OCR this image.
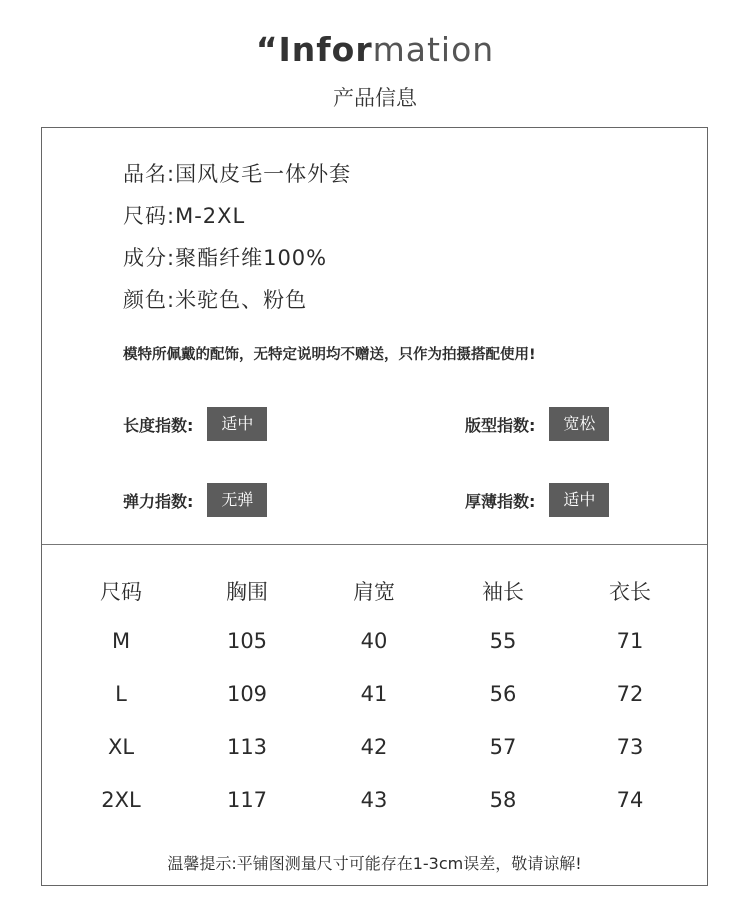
“Information
产品信息
品名:国风皮毛一体外套
尺码:M-2XL
成分:聚酯纤维100%
颜色:米驼色、粉色
模特所佩戴的配饰，无特定说明均不赠送，只作为拍摄搭配使用!
长度指数:	适中	版型指数:	宽松
弹力指数:	无弹	厚薄指数:	适中
尺码	胸围	肩宽	袖长	衣长
M	105	40	55	71
L	109	41	56	72
XL	113	42	57	73
2XL	117	43	58	74
温馨提示:平铺图测量尺寸可能存在1-3cm误差，敬请谅解!
